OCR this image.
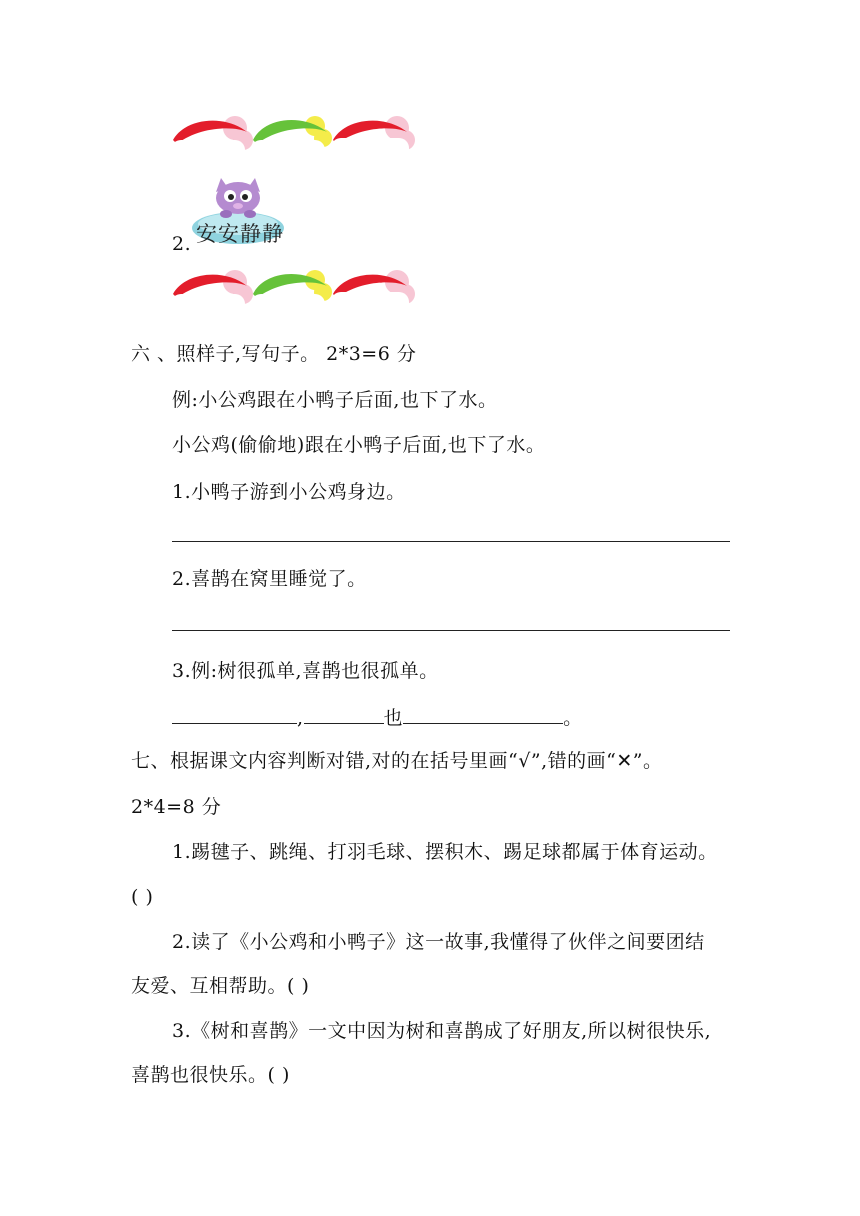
2. 安安静静
六 、照样子,写句子。 2*3=6 分
例:小公鸡跟在小鸭子后面,也下了水。
小公鸡(偷偷地)跟在小鸭子后面,也下了水。
1.小鸭子游到小公鸡身边。
2.喜鹊在窝里睡觉了。
3.例:树很孤单,喜鹊也很孤单。
,	也	。
七、根据课文内容判断对错,对的在括号里画“√”,错的画“✕”。
2*4=8 分
1.踢毽子、跳绳、打羽毛球、摆积木、踢足球都属于体育运动。
( )
2.读了《小公鸡和小鸭子》这一故事,我懂得了伙伴之间要团结
友爱、互相帮助。( )
3.《树和喜鹊》一文中因为树和喜鹊成了好朋友,所以树很快乐,
喜鹊也很快乐。( )
